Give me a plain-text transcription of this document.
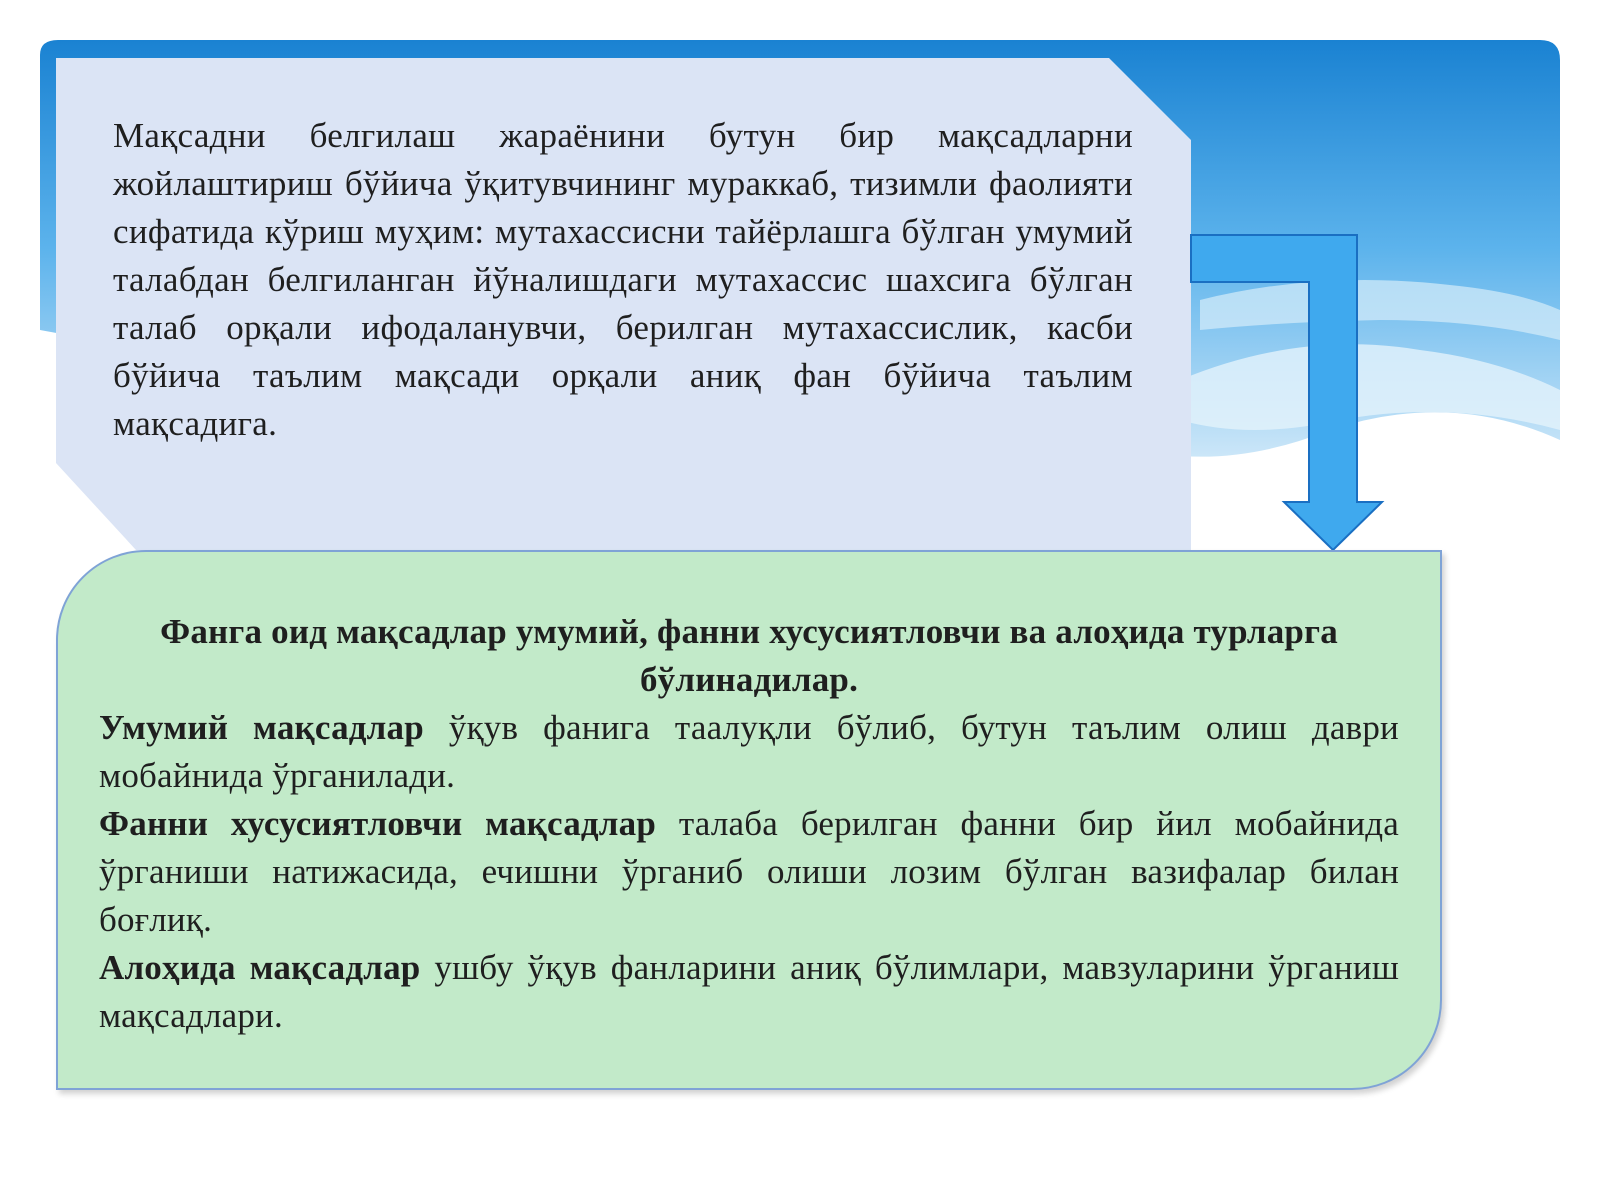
Мақсадни белгилаш жараёнини бутун бир мақсадларни жойлаштириш бўйича ўқитувчининг мураккаб, тизимли фаолияти сифатида кўриш муҳим: мутахассисни тайёрлашга бўлган умумий талабдан белгиланган йўналишдаги мутахассис шахсига бўлган талаб орқали ифодаланувчи, берилган мутахассислик, касби бўйича таълим мақсади орқали аниқ фан бўйича таълим мақсадига.
Фанга оид мақсадлар умумий, фанни хусусиятловчи ва алоҳида турларга бўлинадилар.
Умумий мақсадлар ўқув фанига таалуқли бўлиб, бутун таълим олиш даври мобайнида ўрганилади.
Фанни хусусиятловчи мақсадлар талаба берилган фанни бир йил мобайнида ўрганиши натижасида, ечишни ўрганиб олиши лозим бўлган вазифалар билан боғлиқ.
Алоҳида мақсадлар ушбу ўқув фанларини аниқ бўлимлари, мавзуларини ўрганиш мақсадлари.
